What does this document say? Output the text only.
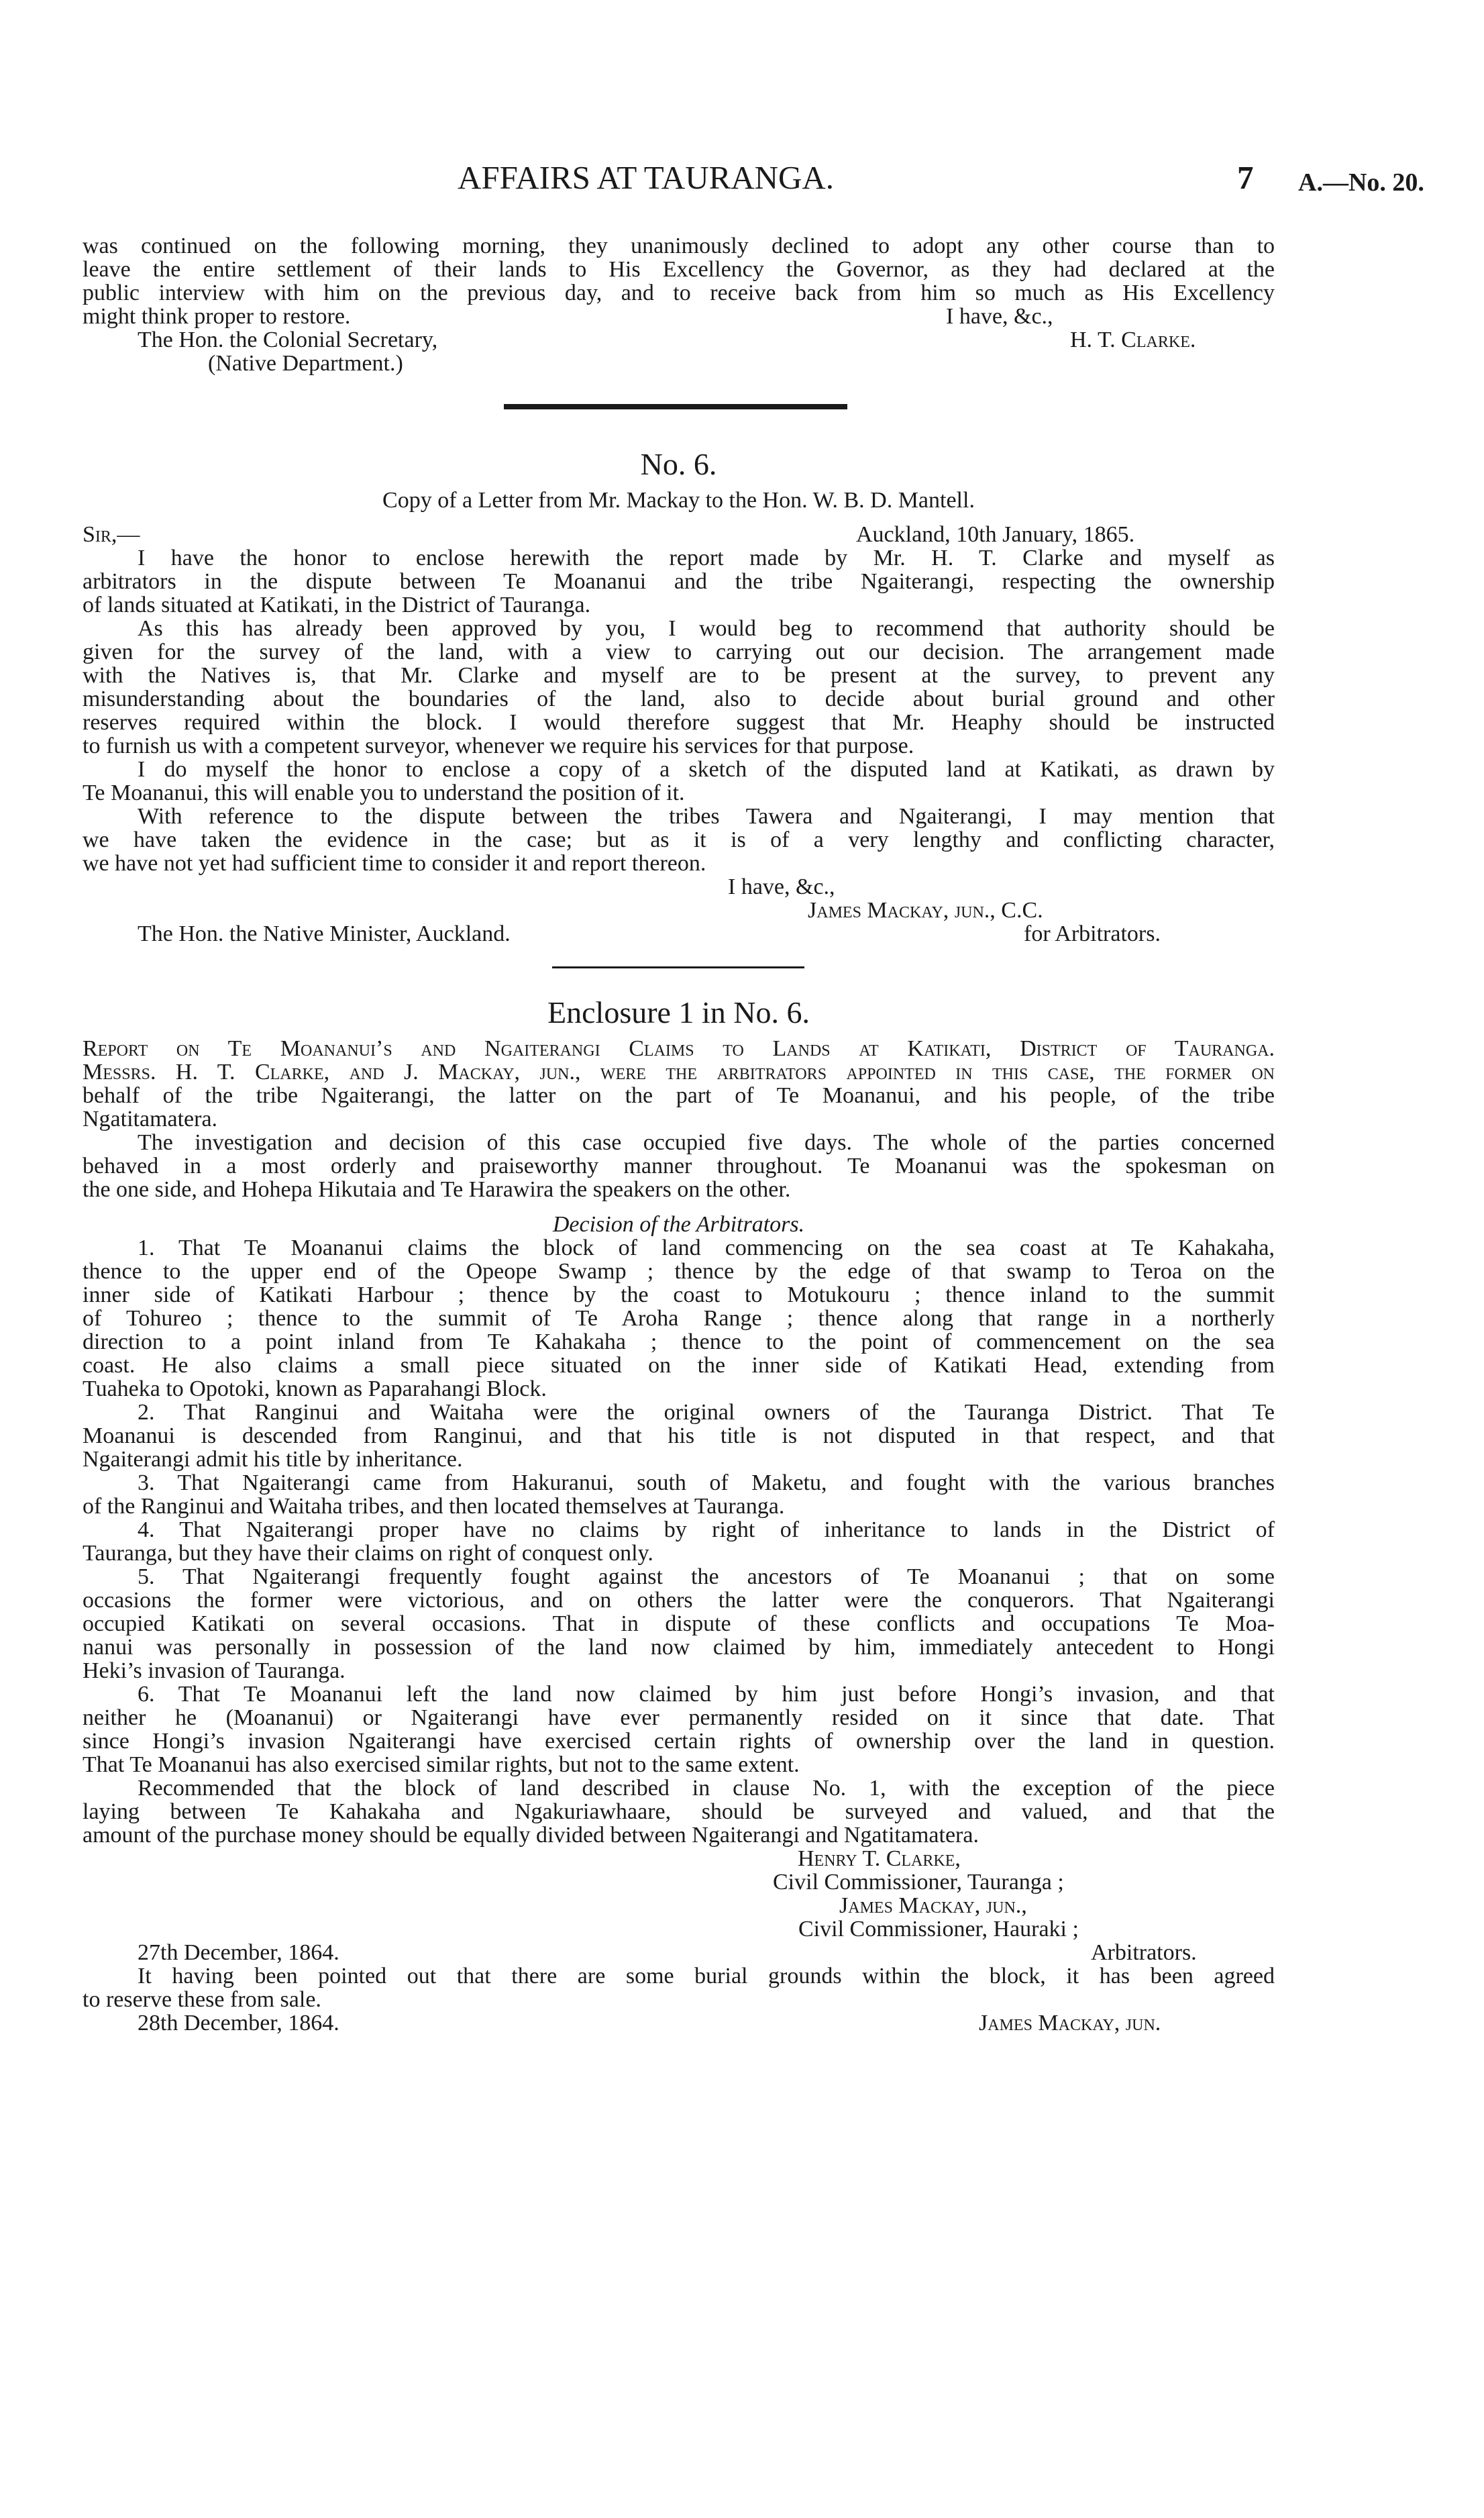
AFFAIRS AT TAURANGA.	7 A.—No. 20.
was continued on the following morning, they unanimously declined to adopt any other course than to
leave the entire settlement of their lands to His Excellency the Governor, as they had declared at the
public interview with him on the previous day, and to receive back from him so much as His Excellency
might think proper to restore.	I have, &c.,
The Hon. the Colonial Secretary,	H. T. Clarke.
(Native Department.)
No. 6.
Copy of a Letter from Mr. Mackay to the Hon. W. B. D. Mantell.
Sir,—	Auckland, 10th January, 1865.
I have the honor to enclose herewith the report made by Mr. H. T. Clarke and myself as
arbitrators in the dispute between Te Moananui and the tribe Ngaiterangi, respecting the ownership
of lands situated at Katikati, in the District of Tauranga.
As this has already been approved by you, I would beg to recommend that authority should be
given for the survey of the land, with a view to carrying out our decision. The arrangement made
with the Natives is, that Mr. Clarke and myself are to be present at the survey, to prevent any
misunderstanding about the boundaries of the land, also to decide about burial ground and other
reserves required within the block. I would therefore suggest that Mr. Heaphy should be instructed
to furnish us with a competent surveyor, whenever we require his services for that purpose.
I do myself the honor to enclose a copy of a sketch of the disputed land at Katikati, as drawn by
Te Moananui, this will enable you to understand the position of it.
With reference to the dispute between the tribes Tawera and Ngaiterangi, I may mention that
we have taken the evidence in the case; but as it is of a very lengthy and conflicting character,
we have not yet had sufficient time to consider it and report thereon.
I have, &c.,
James Mackay, jun., C.C.
The Hon. the Native Minister, Auckland.	for Arbitrators.
Enclosure 1 in No. 6.
Report on Te Moananui’s and Ngaiterangi Claims to Lands at Katikati, District of Tauranga.
Messrs. H. T. Clarke, and J. Mackay, jun., were the arbitrators appointed in this case, the former on
behalf of the tribe Ngaiterangi, the latter on the part of Te Moananui, and his people, of the tribe
Ngatitamatera.
The investigation and decision of this case occupied five days. The whole of the parties concerned
behaved in a most orderly and praiseworthy manner throughout. Te Moananui was the spokesman on
the one side, and Hohepa Hikutaia and Te Harawira the speakers on the other.
Decision of the Arbitrators.
1. That Te Moananui claims the block of land commencing on the sea coast at Te Kahakaha,
thence to the upper end of the Opeope Swamp ; thence by the edge of that swamp to Teroa on the
inner side of Katikati Harbour ; thence by the coast to Motukouru ; thence inland to the summit
of Tohureo ; thence to the summit of Te Aroha Range ; thence along that range in a northerly
direction to a point inland from Te Kahakaha ; thence to the point of commencement on the sea
coast. He also claims a small piece situated on the inner side of Katikati Head, extending from
Tuaheka to Opotoki, known as Paparahangi Block.
2. That Ranginui and Waitaha were the original owners of the Tauranga District. That Te
Moananui is descended from Ranginui, and that his title is not disputed in that respect, and that
Ngaiterangi admit his title by inheritance.
3. That Ngaiterangi came from Hakuranui, south of Maketu, and fought with the various branches
of the Ranginui and Waitaha tribes, and then located themselves at Tauranga.
4. That Ngaiterangi proper have no claims by right of inheritance to lands in the District of
Tauranga, but they have their claims on right of conquest only.
5. That Ngaiterangi frequently fought against the ancestors of Te Moananui ; that on some
occasions the former were victorious, and on others the latter were the conquerors. That Ngaiterangi
occupied Katikati on several occasions. That in dispute of these conflicts and occupations Te Moa-
nanui was personally in possession of the land now claimed by him, immediately antecedent to Hongi
Heki’s invasion of Tauranga.
6. That Te Moananui left the land now claimed by him just before Hongi’s invasion, and that
neither he (Moananui) or Ngaiterangi have ever permanently resided on it since that date. That
since Hongi’s invasion Ngaiterangi have exercised certain rights of ownership over the land in question.
That Te Moananui has also exercised similar rights, but not to the same extent.
Recommended that the block of land described in clause No. 1, with the exception of the piece
laying between Te Kahakaha and Ngakuriawhaare, should be surveyed and valued, and that the
amount of the purchase money should be equally divided between Ngaiterangi and Ngatitamatera.
Henry T. Clarke,
Civil Commissioner, Tauranga ;
James Mackay, jun.,
Civil Commissioner, Hauraki ;
27th December, 1864.	Arbitrators.
It having been pointed out that there are some burial grounds within the block, it has been agreed
to reserve these from sale.
28th December, 1864.	James Mackay, jun.
